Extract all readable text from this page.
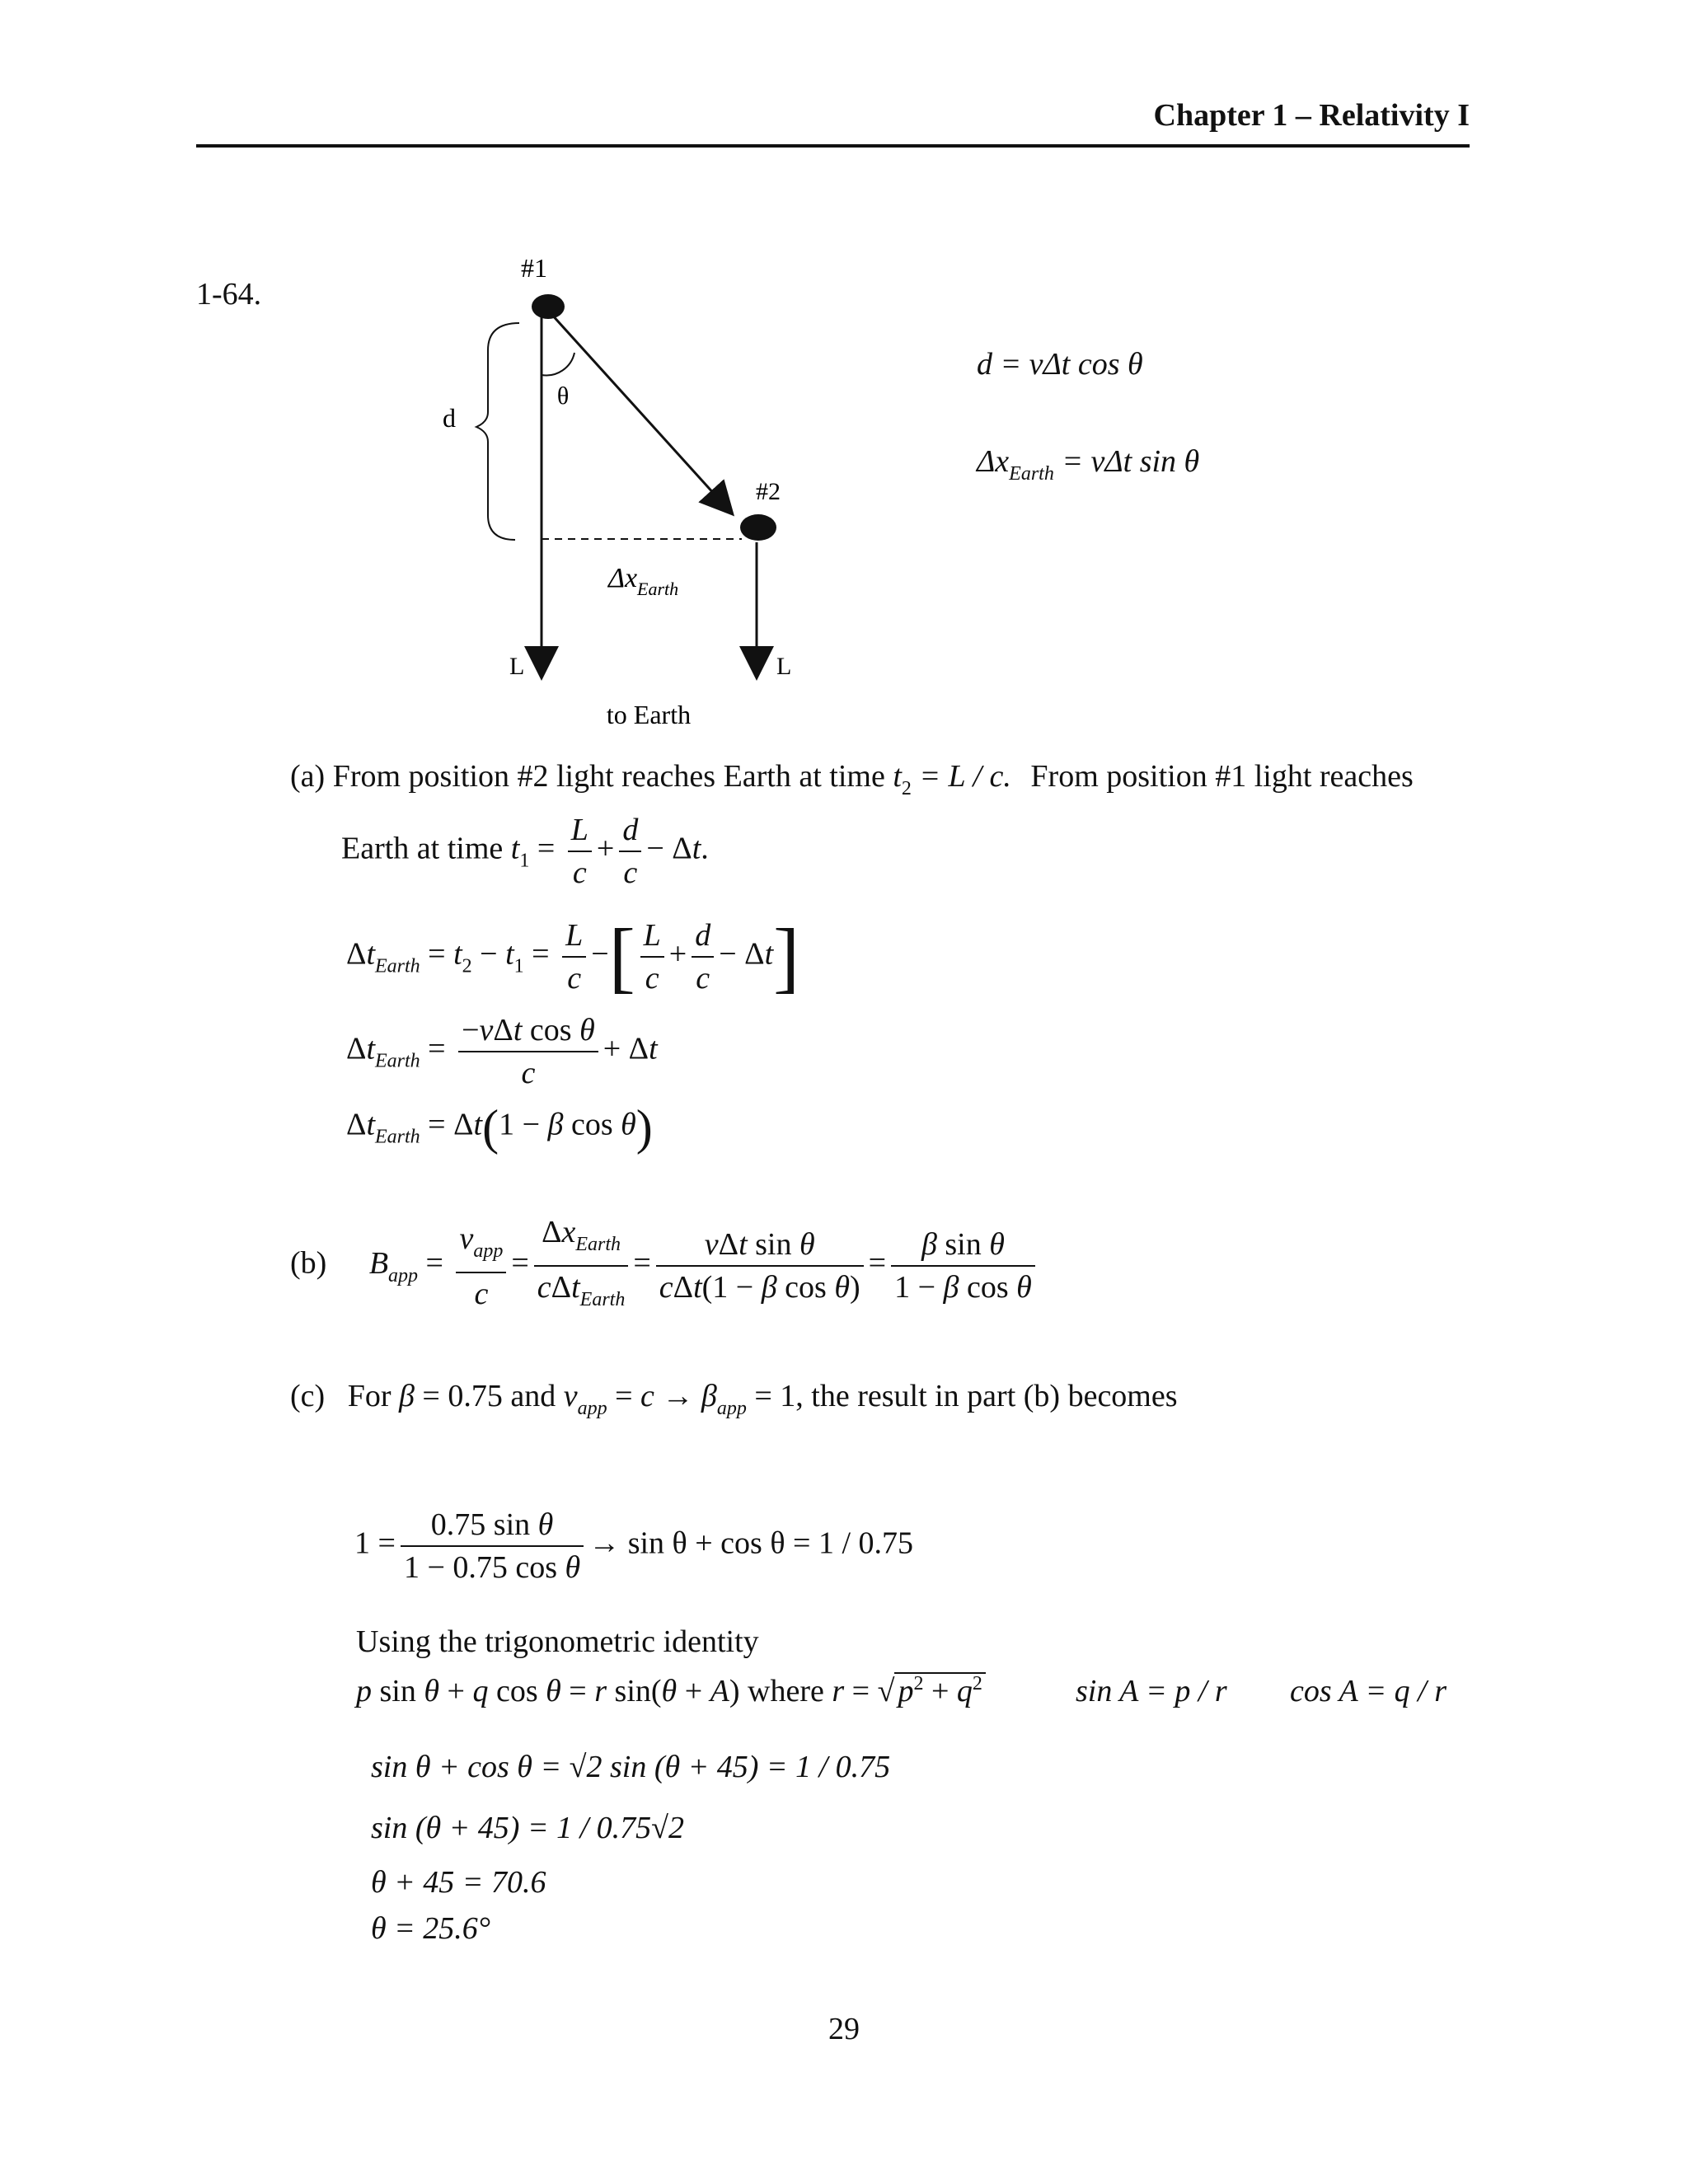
Chapter 1 – Relativity I
1-64.
#1
#2
θ
d
$\Delta x_{Earth}$
L	L
to Earth
d = vΔt cos θ
$\Delta x_{Earth} = v\Delta t$ sin θ
(a) From position #2 light reaches Earth at time $t_2 = L / c$. From position #1 light reaches
Earth at time $t_1 = \frac{L}{c} + \frac{d}{c} - \Delta t$.
$\Delta t_{Earth} = t_2 - t_1 = \frac{L}{c}$ −[ $\frac{L}{c} + \frac{d}{c} - \Delta t$]
$\Delta t_{Earth} = \frac{\text{−vΔt cos θ}}{c} + \Delta t$
$\Delta t_{Earth} = \Delta t(1 - \beta$ cos θ)
(b) $B_{app} = \frac{v_{app}}{c} = \frac{\Delta x_{Earth}}{c\Delta t_{Earth}} = \frac{\text{vΔt sin θ}}{\text{cΔt(1 − β cos θ)}} = \frac{\text{β sin θ}}{\text{1 − β cos θ}}$
(c) For β = 0.75 and $v_{app} = c \to \beta_{app} = 1$, the result in part (b) becomes
$1 = \frac{\text{0.75 sin θ}}{\text{1 − 0.75 cos θ}} \to \sin \theta + \cos \theta = 1 / 0.75$
Using the trigonometric identity
p sin θ + q cos θ = r sin(θ + A) where r = √ $p^2 + q^2$	sin A = p / r cos A = q / r
sin θ + cos θ = √2 sin (θ + 45) = 1 / 0.75
sin (θ + 45) = 1 / 0.75√2
θ + 45 = 70.6
θ = 25.6°
29
